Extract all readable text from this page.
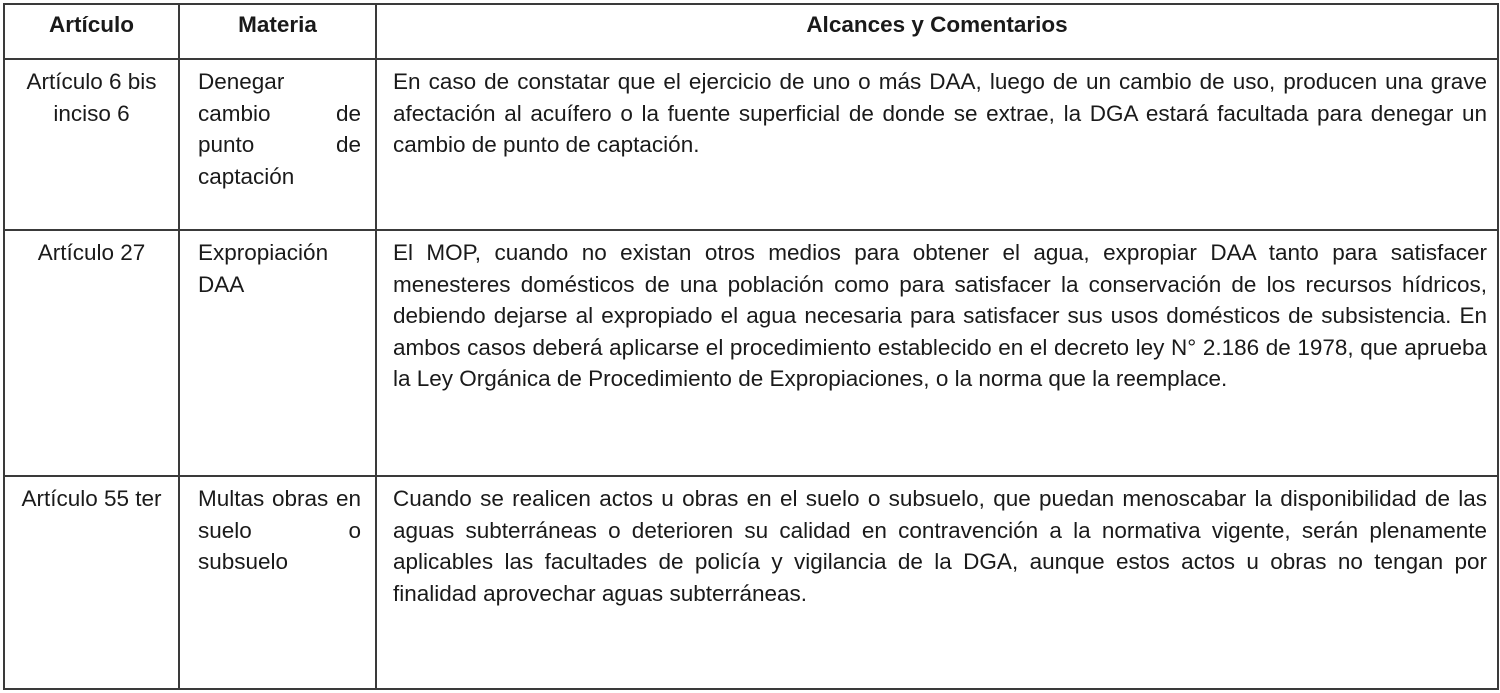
Artículo	Materia	Alcances y Comentarios
Artículo 6 bis inciso 6	Denegar cambio de punto de captación	En caso de constatar que el ejercicio de uno o más DAA, luego de un cambio de uso, producen una grave afectación al acuífero o la fuente superficial de donde se extrae, la DGA estará facultada para denegar un cambio de punto de captación.
Artículo 27	Expropiación DAA	El MOP, cuando no existan otros medios para obtener el agua, expropiar DAA tanto para satisfacer menesteres domésticos de una población como para satisfacer la conservación de los recursos hídricos, debiendo dejarse al expropiado el agua necesaria para satisfacer sus usos domésticos de subsistencia. En ambos casos deberá aplicarse el procedimiento establecido en el decreto ley N° 2.186 de 1978, que aprueba la Ley Orgánica de Procedimiento de Expropiaciones, o la norma que la reemplace.
Artículo 55 ter	Multas obras en suelo o subsuelo	Cuando se realicen actos u obras en el suelo o subsuelo, que puedan menoscabar la disponibilidad de las aguas subterráneas o deterioren su calidad en contravención a la normativa vigente, serán plenamente aplicables las facultades de policía y vigilancia de la DGA, aunque estos actos u obras no tengan por finalidad aprovechar aguas subterráneas.
